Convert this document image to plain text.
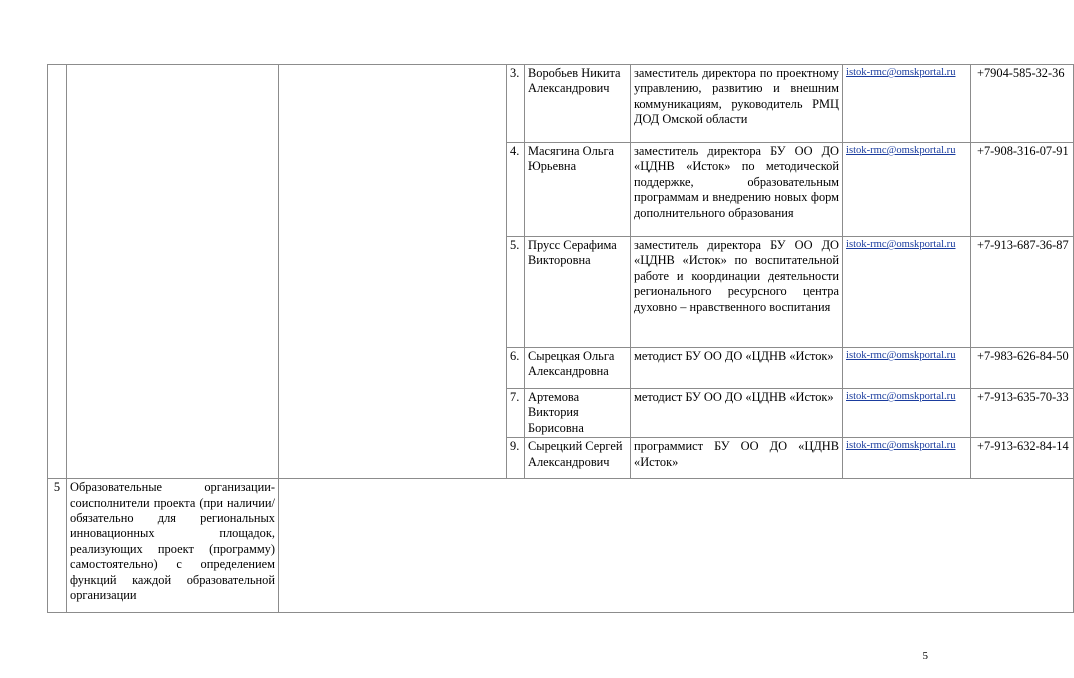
			3.	Воробьев Никита Александрович	заместитель директора по проектному управлению, развитию и внешним коммуникациям, руководитель РМЦ ДОД Омской области	istok-rmc@omskportal.ru	+7904-585-32-36
			4.	Масягина Ольга Юрьевна	заместитель директора БУ ОО ДО «ЦДНВ «Исток» по методической поддержке, образовательным программам и внедрению новых форм дополнительного образования	istok-rmc@omskportal.ru	+7-908-316-07-91
			5.	Прусс Серафима Викторовна	заместитель директора БУ ОО ДО «ЦДНВ «Исток» по воспитательной работе и координации деятельности регионального ресурсного центра духовно – нравственного воспитания	istok-rmc@omskportal.ru	+7-913-687-36-87
			6.	Сырецкая Ольга Александровна	методист БУ ОО ДО «ЦДНВ «Исток»	istok-rmc@omskportal.ru	+7-983-626-84-50
			7.	Артемова Виктория Борисовна	методист БУ ОО ДО «ЦДНВ «Исток»	istok-rmc@omskportal.ru	+7-913-635-70-33
			9.	Сырецкий Сергей Александрович	программист БУ ОО ДО «ЦДНВ «Исток»	istok-rmc@omskportal.ru	+7-913-632-84-14
5	Образовательные организации-соисполнители проекта (при наличии/ обязательно для региональных инновационных площадок, реализующих проект (программу) самостоятельно) с определением функций каждой образовательной организации						
5
